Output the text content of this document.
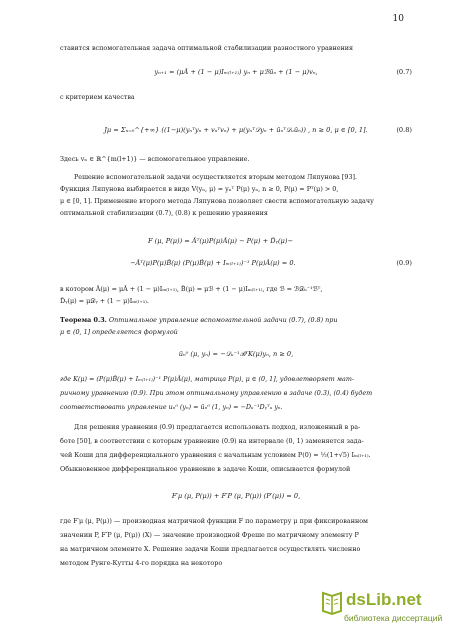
10
ставится вспомогательная задача оптимальной стабилизации разностного уравнения
yₙ₊₁ = (μÂ + (1 − μ)Iₘ₍ₗ₊₁₎) yₙ + μℬūₙ + (1 − μ)vₙ,	(0.7)
с критерием качества
Jμ = Σₙ₌₀^{+∞} ((1−μ)(yₙᵀyₙ + vₙᵀvₙ) + μ(yₙᵀ𝒟yₙ + ūₙᵀ𝒟ᵤūₙ)) , n ≥ 0, μ ∈ [0, 1].	(0.8)
Здесь vₙ ∈ ℝ^{m(l+1)} — вспомогательное управление.
Решение вспомогательной задачи осуществляется вторым методом Ляпунова [93].
Функция Ляпунова выбирается в виде V(yₙ, μ) = yₙᵀ P(μ) yₙ, n ≥ 0, P(μ) = Pᵀ(μ) > 0,
μ ∈ [0, 1]. Применение второго метода Ляпунова позволяет свести вспомогательную задачу
оптимальной стабилизации (0.7), (0.8) к решению уравнения
F (μ, P(μ)) = Âᵀ(μ)P(μ)Â(μ) − P(μ) + Ďᵧ(μ)−
−Âᵀ(μ)P(μ)B̂(μ) (P(μ)B̂(μ) + Iₘ₍ₗ₊₁₎)⁻¹ P(μ)Â(μ) = 0.	(0.9)
в котором Â(μ) = μÂ + (1 − μ)Iₘ₍ₗ₊₁₎, B̂(μ) = μℬ + (1 − μ)Iₘ₍ₗ₊₁₎, где ℬ = ℬ𝒟ᵤ⁻¹ℬᵀ,
Ďᵧ(μ) = μ𝒟ᵧ + (1 − μ)Iₘ₍ₗ₊₁₎.
Теорема 0.3. Оптимальное управление вспомогательной задачи (0.7), (0.8) при
μ ∈ (0, 1] определяется формулой
ūₙ⁰ (μ, yₙ) = −𝒟ᵤ⁻¹ℬᵀK(μ)yₙ, n ≥ 0,
где K(μ) = (P(μ)B̂(μ) + Iₘ₍ₗ₊₁₎)⁻¹ P(μ)Â(μ), матрица P(μ), μ ∈ (0, 1], удовлетворяет мат-
ричному уравнению (0.9). При этом оптимальному управлению в задаче (0.3), (0.4) будет
соответствовать управление uₙ⁰ (yₙ) = ūₙ⁰ (1, yₙ) = −Dᵤ⁻¹Dᵧᵀᵤ yₙ.
Для решения уравнения (0.9) предлагается использовать подход, изложенный в ра-
боте [50], в соответствии с которым уравнение (0.9) на интервале (0, 1) заменяется зада-
чей Коши для дифференциального уравнения с начальным условием P(0) = ½(1+√5) Iₘ₍ₗ₊₁₎.
Обыкновенное дифференциальное уравнение в задаче Коши, описывается формулой
F′μ (μ, P(μ)) + F′P (μ, P(μ)) (P′(μ)) = 0,
где F′μ (μ, P(μ)) — производная матричной функции F по параметру μ при фиксированном
значении P, F′P (μ, P(μ)) (X) — значение производной Фреше по матричному элементу P
на матричном элементе X. Решение задачи Коши предлагается осуществлять численно
методом Рунге-Кутты 4-го порядка на некоторо
dsLib.net
библиотека диссертаций
